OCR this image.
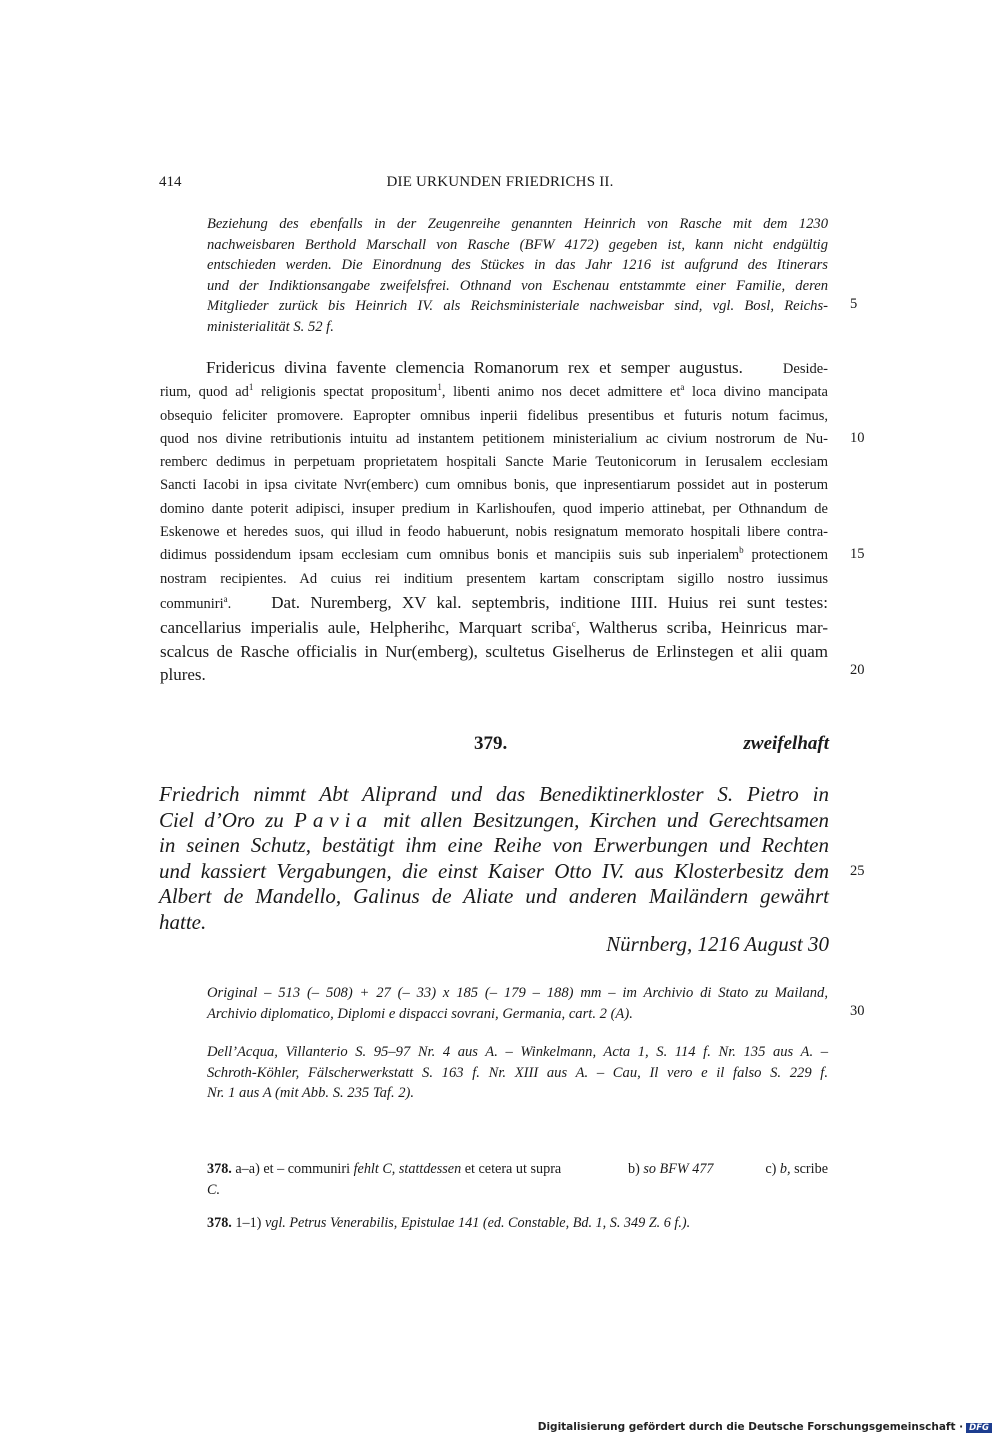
414	DIE URKUNDEN FRIEDRICHS II.
Beziehung des ebenfalls in der Zeugenreihe genannten Heinrich von Rasche mit dem 1230
nachweisbaren Berthold Marschall von Rasche (BFW 4172) gegeben ist, kann nicht endgültig
entschieden werden. Die Einordnung des Stückes in das Jahr 1216 ist aufgrund des Itinerars
und der Indiktionsangabe zweifelsfrei. Othnand von Eschenau entstammte einer Familie, deren
Mitglieder zurück bis Heinrich IV. als Reichsministeriale nachweisbar sind, vgl. Bosl, Reichs-
ministerialität S. 52 f.
5
Fridericus divina favente clemencia Romanorum rex et semper augustus.	Deside-
rium, quod $ad^1$ religionis spectat propositum$^1$, libenti animo nos decet admittere $et^a$ loca divino mancipata
obsequio feliciter promovere. Eapropter omnibus inperii fidelibus presentibus et futuris notum facimus,
quod nos divine retributionis intuitu ad instantem petitionem ministerialium ac civium nostrorum de Nu-
remberc dedimus in perpetuam proprietatem hospitali Sancte Marie Teutonicorum in Ierusalem ecclesiam
Sancti Iacobi in ipsa civitate Nvr(emberc) cum omnibus bonis, que inpresentiarum possidet aut in posterum
domino dante poterit adipisci, insuper predium in Karlishoufen, quod imperio attinebat, per Othnandum de
Eskenowe et heredes suos, qui illud in feodo habuerunt, nobis resignatum memorato hospitali libere contra-
didimus possidendum ipsam ecclesiam cum omnibus bonis et mancipiis suis sub inperialem$^b$ protectionem
nostram recipientes. Ad cuius rei inditium presentem kartam conscriptam sigillo nostro iussimus
communiri$^a$. Dat. Nuremberg, XV kal. septembris, inditione IIII. Huius rei sunt testes:
cancellarius imperialis aule, Helpherihc, Marquart scriba$^c$, Waltherus scriba, Heinricus mar-
scalcus de Rasche officialis in Nur(emberg), scultetus Giselherus de Erlinstegen et alii quam
plures.
10
15
20
379.	zweifelhaft
Friedrich nimmt Abt Aliprand und das Benediktinerkloster S. Pietro in
Ciel d’Oro zu Pavia mit allen Besitzungen, Kirchen und Gerechtsamen
in seinen Schutz, bestätigt ihm eine Reihe von Erwerbungen und Rechten
und kassiert Vergabungen, die einst Kaiser Otto IV. aus Klosterbesitz dem
Albert de Mandello, Galinus de Aliate und anderen Mailändern gewährt
hatte.
25
Nürnberg, 1216 August 30
Original – 513 (– 508) + 27 (– 33) x 185 (– 179 – 188) mm – im Archivio di Stato zu Mailand,
Archivio diplomatico, Diplomi e dispacci sovrani, Germania, cart. 2 (A).	30
Dell’Acqua, Villanterio S. 95–97 Nr. 4 aus A. – Winkelmann, Acta 1, S. 114 f. Nr. 135 aus A. –
Schroth-Köhler, Fälscherwerkstatt S. 163 f. Nr. XIII aus A. – Cau, Il vero e il falso S. 229 f.
Nr. 1 aus A (mit Abb. S. 235 Taf. 2).
378. a–a) et – communiri fehlt C, stattdessen et cetera ut supra	b) so BFW 477	c) b, scribe
C.
378. 1–1) vgl. Petrus Venerabilis, Epistulae 141 (ed. Constable, Bd. 1, S. 349 Z. 6 f.).
Digitalisierung gefördert durch die Deutsche Forschungsgemeinschaft · DFG
